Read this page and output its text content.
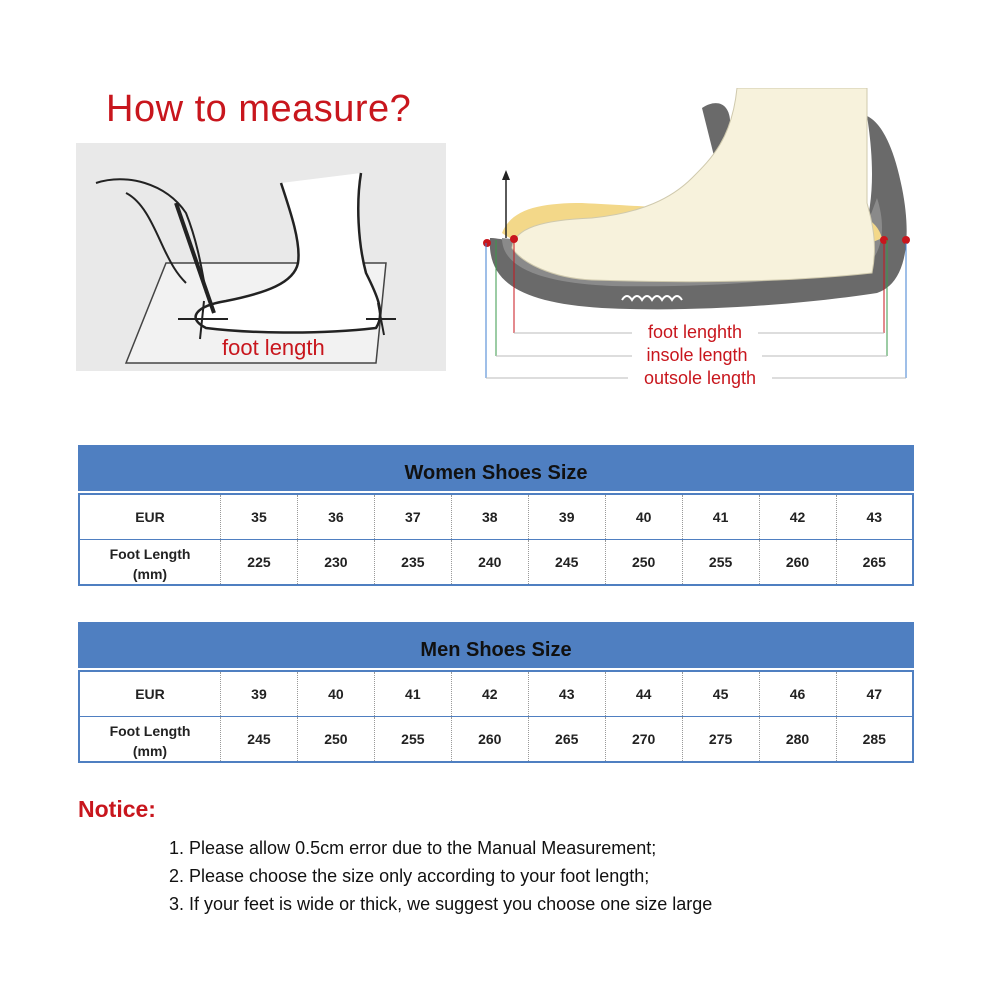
How to measure?
foot length
foot lenghth
insole length
outsole length
Women Shoes Size
EUR	35	36	37	38	39	40	41	42	43

Foot Length
(mm)	225	230	235	240	245	250	255	260	265
Men Shoes Size
EUR	39	40	41	42	43	44	45	46	47

Foot Length
(mm)	245	250	255	260	265	270	275	280	285
Notice:
1. Please allow 0.5cm error due to the Manual Measurement;
2. Please choose the size only according to your foot length;
3. If your feet is wide or thick, we suggest you choose one size large
